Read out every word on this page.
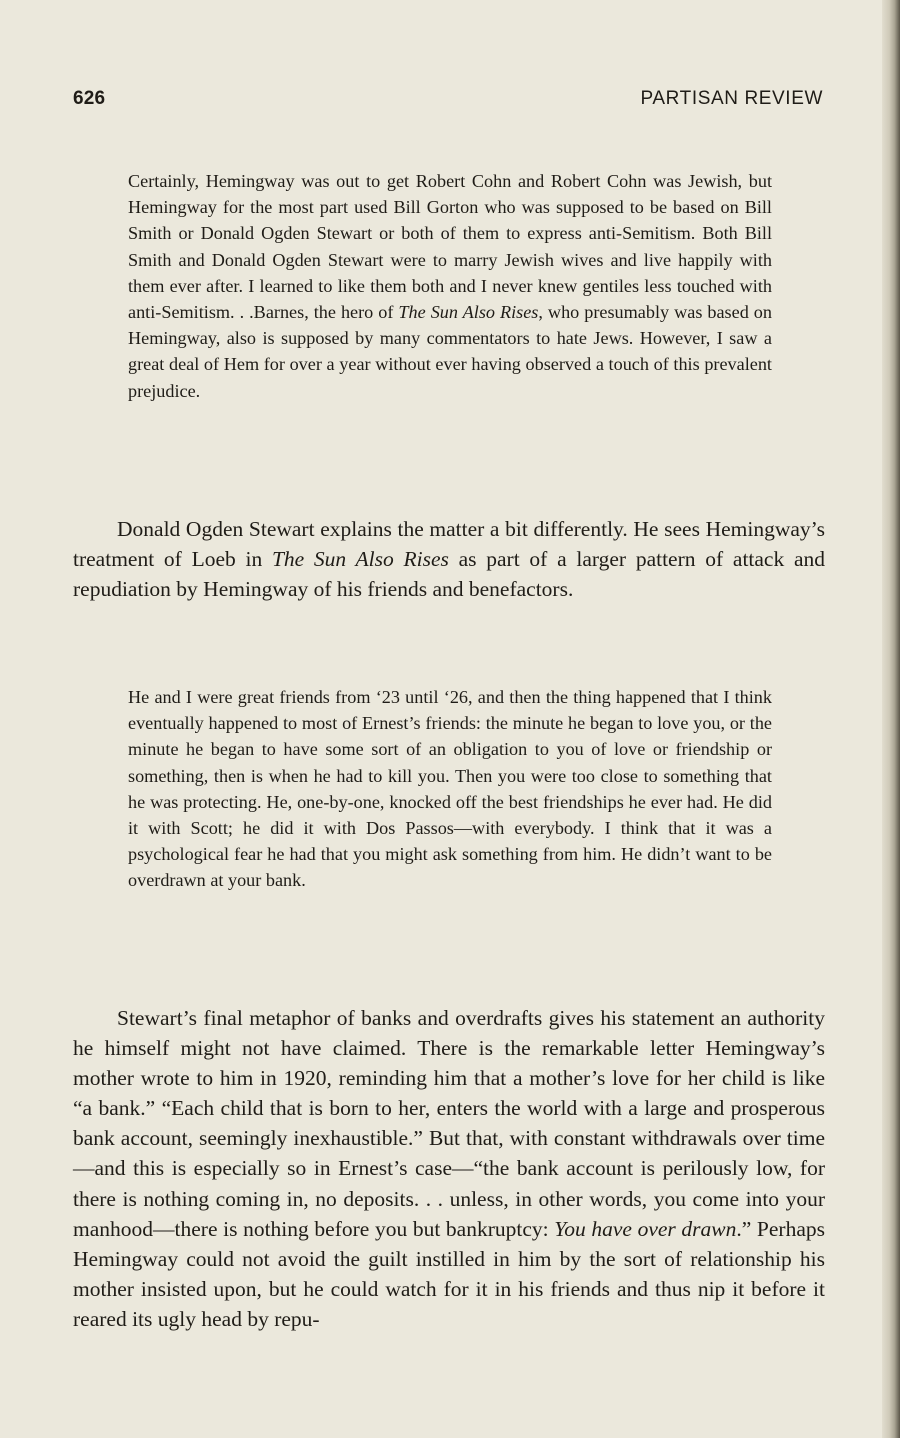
626	PARTISAN REVIEW

Certainly, Hemingway was out to get Robert Cohn and Robert Cohn was Jewish, but Hemingway for the most part used Bill Gorton who was supposed to be based on Bill Smith or Donald Ogden Stewart or both of them to express anti-Semitism. Both Bill Smith and Donald Ogden Stewart were to marry Jewish wives and live happily with them ever after. I learned to like them both and I never knew gentiles less touched with anti-Semitism. . .Barnes, the hero of The Sun Also Rises, who presumably was based on Hemingway, also is supposed by many commentators to hate Jews. However, I saw a great deal of Hem for over a year without ever having observed a touch of this prevalent prejudice.

Donald Ogden Stewart explains the matter a bit differently. He sees Hemingway’s treatment of Loeb in The Sun Also Rises as part of a larger pattern of attack and repudiation by Hemingway of his friends and benefactors.

He and I were great friends from ‘23 until ‘26, and then the thing happened that I think eventually happened to most of Ernest’s friends: the minute he began to love you, or the minute he began to have some sort of an obligation to you of love or friendship or something, then is when he had to kill you. Then you were too close to something that he was protecting. He, one-by-one, knocked off the best friendships he ever had. He did it with Scott; he did it with Dos Passos—with everybody. I think that it was a psychological fear he had that you might ask something from him. He didn’t want to be overdrawn at your bank.

Stewart’s final metaphor of banks and overdrafts gives his statement an authority he himself might not have claimed. There is the remarkable letter Hemingway’s mother wrote to him in 1920, reminding him that a mother’s love for her child is like “a bank.” “Each child that is born to her, enters the world with a large and prosperous bank account, seemingly inexhaustible.” But that, with constant withdrawals over time—and this is especially so in Ernest’s case—“the bank account is perilously low, for there is nothing coming in, no deposits. . . unless, in other words, you come into your manhood—there is nothing before you but bankruptcy: You have over drawn.” Perhaps Hemingway could not avoid the guilt instilled in him by the sort of relationship his mother insisted upon, but he could watch for it in his friends and thus nip it before it reared its ugly head by repu-
